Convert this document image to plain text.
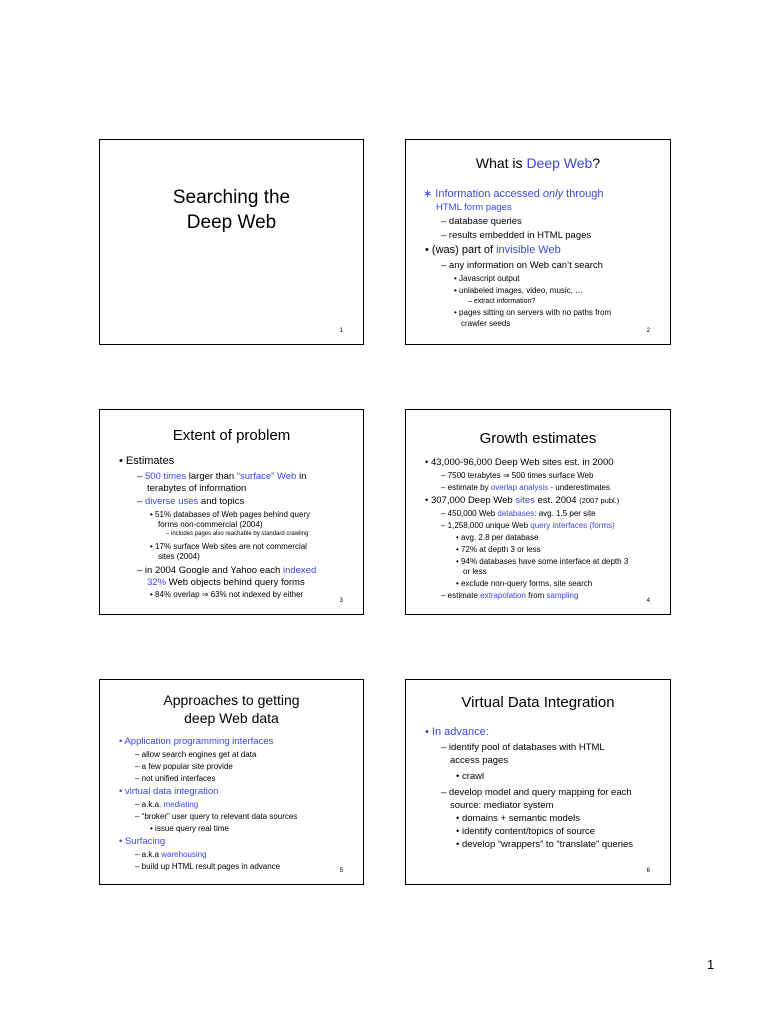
Searching the
Deep Web
1
What is Deep Web?
∗ Information accessed only through
HTML form pages
– database queries
– results embedded in HTML pages
• (was) part of invisible Web
– any information on Web can’t search
• Javascript output
• unlabeled images, video, music, …
– extract information?
• pages sitting on servers with no paths from
crawler seeds
2
Extent of problem
• Estimates
– 500 times larger than “surface” Web in
terabytes of information
– diverse uses and topics
• 51% databases of Web pages behind query
forms non-commercial (2004)
– includes pages also reachable by standard crawling
• 17% surface Web sites are not commercial
sites (2004)
– in 2004 Google and Yahoo each indexed
32% Web objects behind query forms
• 84% overlap ⇒ 63% not indexed by either
3
Growth estimates
• 43,000-96,000 Deep Web sites est. in 2000
– 7500 terabytes ⇒ 500 times surface Web
– estimate by overlap analysis - underestimates
• 307,000 Deep Web sites est. 2004 (2007 publ.)
– 450,000 Web databases: avg. 1.5 per site
– 1,258,000 unique Web query interfaces (forms)
• avg. 2.8 per database
• 72% at depth 3 or less
• 94% databases have some interface at depth 3
or less
• exclude non-query forms, site search
– estimate extrapolation from sampling
4
Approaches to getting
deep Web data
• Application programming interfaces
– allow search engines get at data
– a few popular site provide
– not unified interfaces
• virtual data integration
– a.k.a. mediating
– “broker” user query to relevant data sources
• issue query real time
• Surfacing
– a.k.a warehousing
– build up HTML result pages in advance	5
Virtual Data Integration
• In advance:
– identify pool of databases with HTML
access pages
• crawl
– develop model and query mapping for each
source: mediator system
• domains + semantic models
• identify content/topics of source
• develop “wrappers” to “translate” queries
6
1
